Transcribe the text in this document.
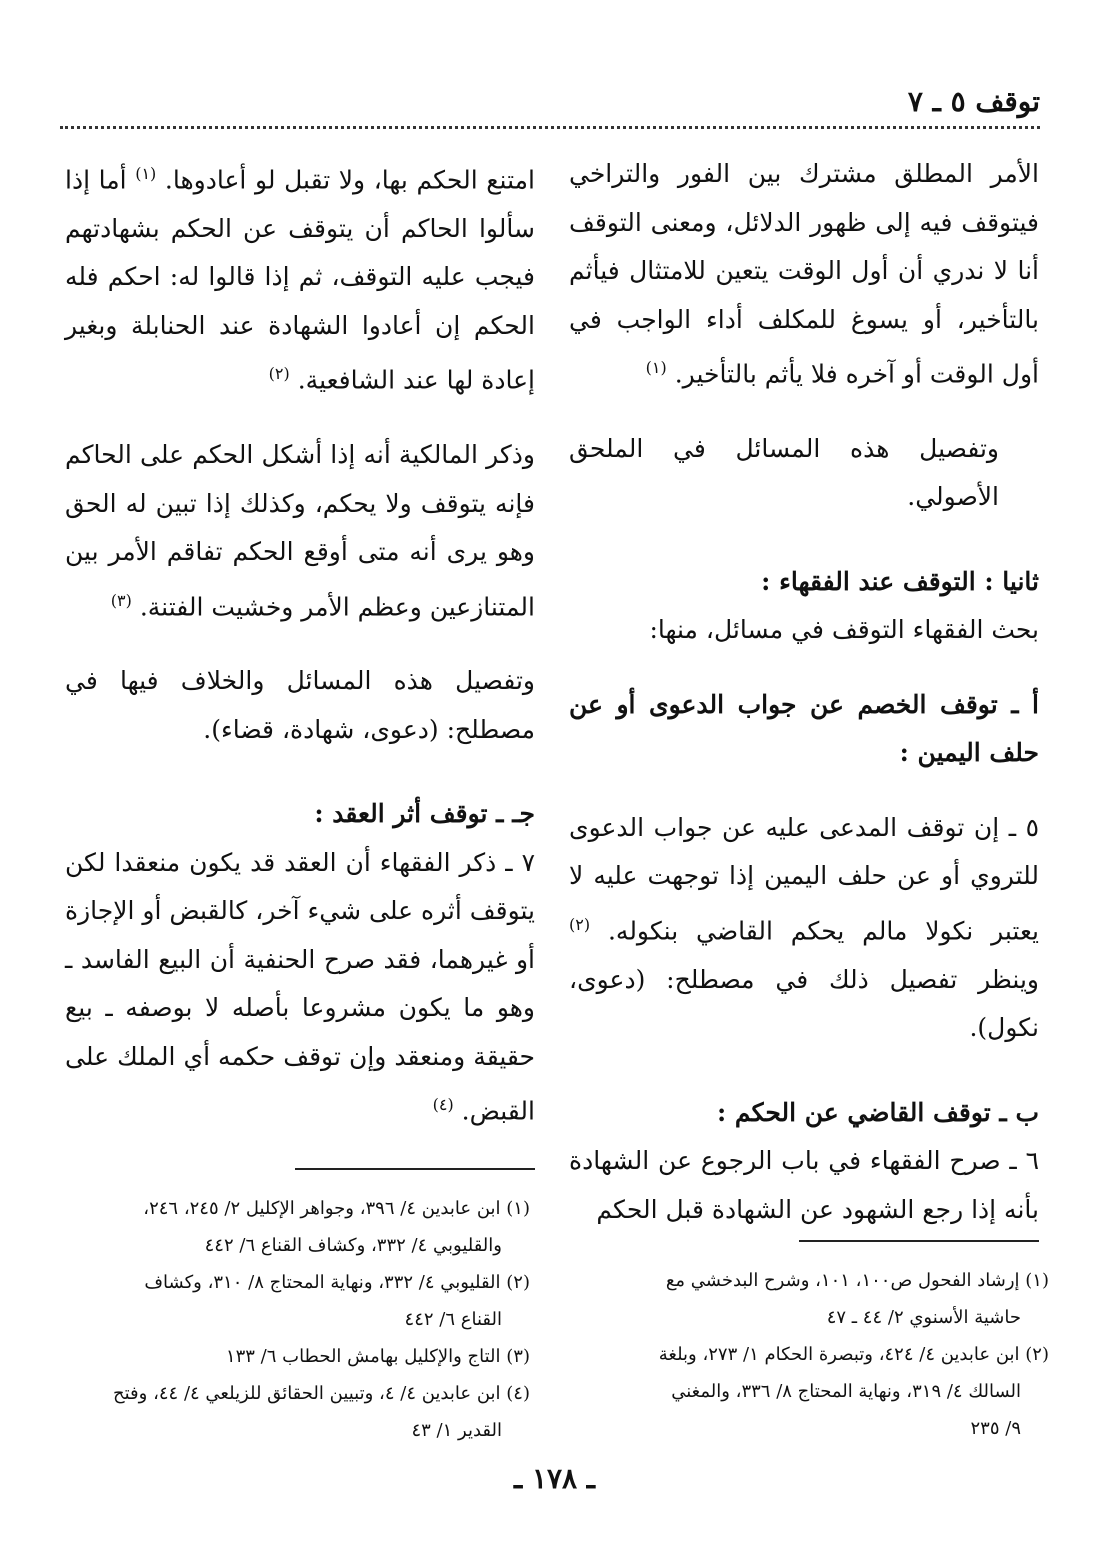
توقف ٥ ـ ٧

الأمر المطلق مشترك بين الفور والتراخي فيتوقف فيه إلى ظهور الدلائل، ومعنى التوقف أنا لا ندري أن أول الوقت يتعين للامتثال فيأثم بالتأخير، أو يسوغ للمكلف أداء الواجب في أول الوقت أو آخره فلا يأثم بالتأخير. $^{(١)}$

وتفصيل هذه المسائل في الملحق الأصولي.

ثانيا : التوقف عند الفقهاء :

بحث الفقهاء التوقف في مسائل، منها:

أ ـ توقف الخصم عن جواب الدعوى أو عن حلف اليمين :

٥ ـ إن توقف المدعى عليه عن جواب الدعوى للتروي أو عن حلف اليمين إذا توجهت عليه لا يعتبر نكولا مالم يحكم القاضي بنكوله. $^{(٢)}$ وينظر تفصيل ذلك في مصطلح: (دعوى، نكول).

ب ـ توقف القاضي عن الحكم :

٦ ـ صرح الفقهاء في باب الرجوع عن الشهادة بأنه إذا رجع الشهود عن الشهادة قبل الحكم

امتنع الحكم بها، ولا تقبل لو أعادوها. $^{(١)}$ أما إذا سألوا الحاكم أن يتوقف عن الحكم بشهادتهم فيجب عليه التوقف، ثم إذا قالوا له: احكم فله الحكم إن أعادوا الشهادة عند الحنابلة وبغير إعادة لها عند الشافعية. $^{(٢)}$

وذكر المالكية أنه إذا أشكل الحكم على الحاكم فإنه يتوقف ولا يحكم، وكذلك إذا تبين له الحق وهو يرى أنه متى أوقع الحكم تفاقم الأمر بين المتنازعين وعظم الأمر وخشيت الفتنة. $^{(٣)}$

وتفصيل هذه المسائل والخلاف فيها في مصطلح: (دعوى، شهادة، قضاء).

جـ ـ توقف أثر العقد :

٧ ـ ذكر الفقهاء أن العقد قد يكون منعقدا لكن يتوقف أثره على شيء آخر، كالقبض أو الإجازة أو غيرهما، فقد صرح الحنفية أن البيع الفاسد ـ وهو ما يكون مشروعا بأصله لا بوصفه ـ بيع حقيقة ومنعقد وإن توقف حكمه أي الملك على القبض. $^{(٤)}$

(١) إرشاد الفحول ص١٠٠، ١٠١، وشرح البدخشي مع

حاشية الأسنوي ٢/ ٤٤ ـ ٤٧

(٢) ابن عابدين ٤/ ٤٢٤، وتبصرة الحكام ١/ ٢٧٣، وبلغة

السالك ٤/ ٣١٩، ونهاية المحتاج ٨/ ٣٣٦، والمغني

٩/ ٢٣٥

(١) ابن عابدين ٤/ ٣٩٦، وجواهر الإكليل ٢/ ٢٤٥، ٢٤٦،

والقليوبي ٤/ ٣٣٢، وكشاف القناع ٦/ ٤٤٢

(٢) القليوبي ٤/ ٣٣٢، ونهاية المحتاج ٨/ ٣١٠، وكشاف

القناع ٦/ ٤٤٢

(٣) التاج والإكليل بهامش الحطاب ٦/ ١٣٣

(٤) ابن عابدين ٤/ ٤، وتبيين الحقائق للزيلعي ٤/ ٤٤، وفتح

القدير ١/ ٤٣

ـ ١٧٨ ـ
